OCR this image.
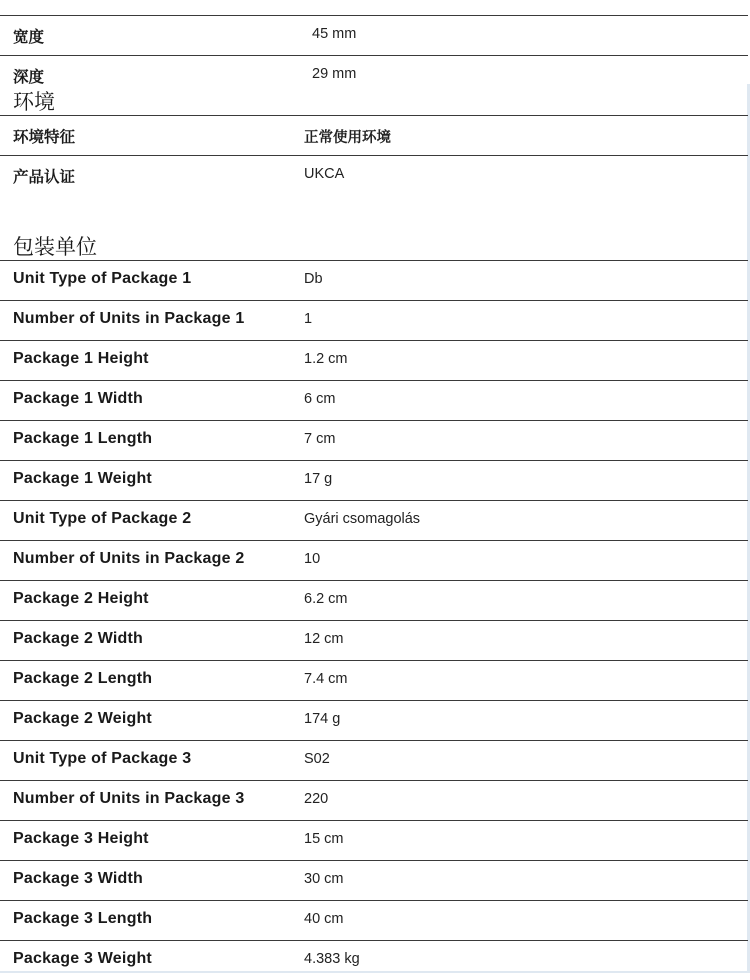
宽度	45 mm
深度	29 mm
环境
环境特征	正常使用环境
产品认证	UKCA
包装单位
Unit Type of Package 1	Db
Number of Units in Package 1	1
Package 1 Height	1.2 cm
Package 1 Width	6 cm
Package 1 Length	7 cm
Package 1 Weight	17 g
Unit Type of Package 2	Gyári csomagolás
Number of Units in Package 2	10
Package 2 Height	6.2 cm
Package 2 Width	12 cm
Package 2 Length	7.4 cm
Package 2 Weight	174 g
Unit Type of Package 3	S02
Number of Units in Package 3	220
Package 3 Height	15 cm
Package 3 Width	30 cm
Package 3 Length	40 cm
Package 3 Weight	4.383 kg
